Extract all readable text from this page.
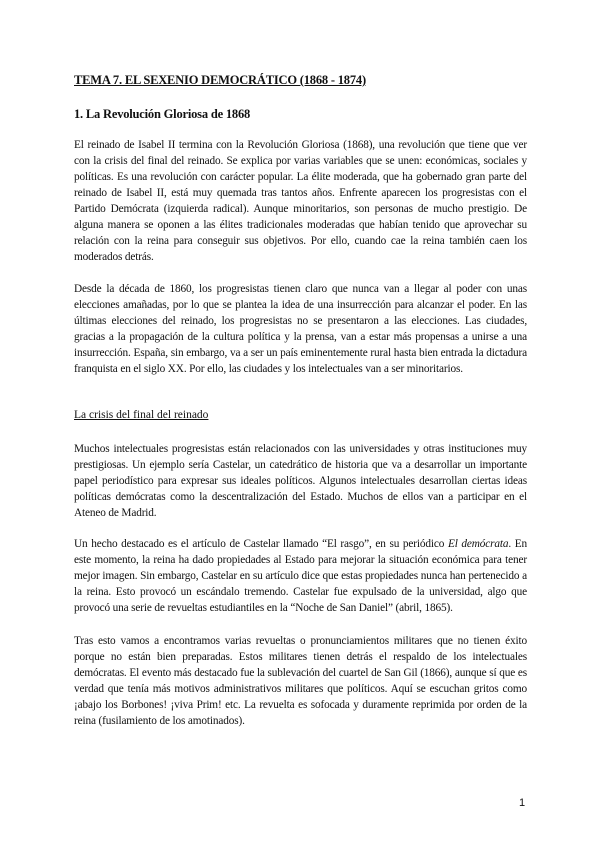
TEMA 7. EL SEXENIO DEMOCRÁTICO (1868 - 1874)
1. La Revolución Gloriosa de 1868

El reinado de Isabel II termina con la Revolución Gloriosa (1868), una revolución que tiene que ver con la crisis del final del reinado. Se explica por varias variables que se unen: económicas, sociales y políticas. Es una revolución con carácter popular. La élite moderada, que ha gobernado gran parte del reinado de Isabel II, está muy quemada tras tantos años. Enfrente aparecen los progresistas con el Partido Demócrata (izquierda radical). Aunque minoritarios, son personas de mucho prestigio. De alguna manera se oponen a las élites tradicionales moderadas que habían tenido que aprovechar su relación con la reina para conseguir sus objetivos. Por ello, cuando cae la reina también caen los moderados detrás.

Desde la década de 1860, los progresistas tienen claro que nunca van a llegar al poder con unas elecciones amañadas, por lo que se plantea la idea de una insurrección para alcanzar el poder. En las últimas elecciones del reinado, los progresistas no se presentaron a las elecciones. Las ciudades, gracias a la propagación de la cultura política y la prensa, van a estar más propensas a unirse a una insurrección. España, sin embargo, va a ser un país eminentemente rural hasta bien entrada la dictadura franquista en el siglo XX. Por ello, las ciudades y los intelectuales van a ser minoritarios.

La crisis del final del reinado

Muchos intelectuales progresistas están relacionados con las universidades y otras instituciones muy prestigiosas. Un ejemplo sería Castelar, un catedrático de historia que va a desarrollar un importante papel periodístico para expresar sus ideales políticos. Algunos intelectuales desarrollan ciertas ideas políticas demócratas como la descentralización del Estado. Muchos de ellos van a participar en el Ateneo de Madrid.

Un hecho destacado es el artículo de Castelar llamado “El rasgo”, en su periódico El demócrata. En este momento, la reina ha dado propiedades al Estado para mejorar la situación económica para tener mejor imagen. Sin embargo, Castelar en su artículo dice que estas propiedades nunca han pertenecido a la reina. Esto provocó un escándalo tremendo. Castelar fue expulsado de la universidad, algo que provocó una serie de revueltas estudiantiles en la “Noche de San Daniel” (abril, 1865).

Tras esto vamos a encontramos varias revueltas o pronunciamientos militares que no tienen éxito porque no están bien preparadas. Estos militares tienen detrás el respaldo de los intelectuales demócratas. El evento más destacado fue la sublevación del cuartel de San Gil (1866), aunque sí que es verdad que tenía más motivos administrativos militares que políticos. Aquí se escuchan gritos como ¡abajo los Borbones! ¡viva Prim! etc. La revuelta es sofocada y duramente reprimida por orden de la reina (fusilamiento de los amotinados).

1
